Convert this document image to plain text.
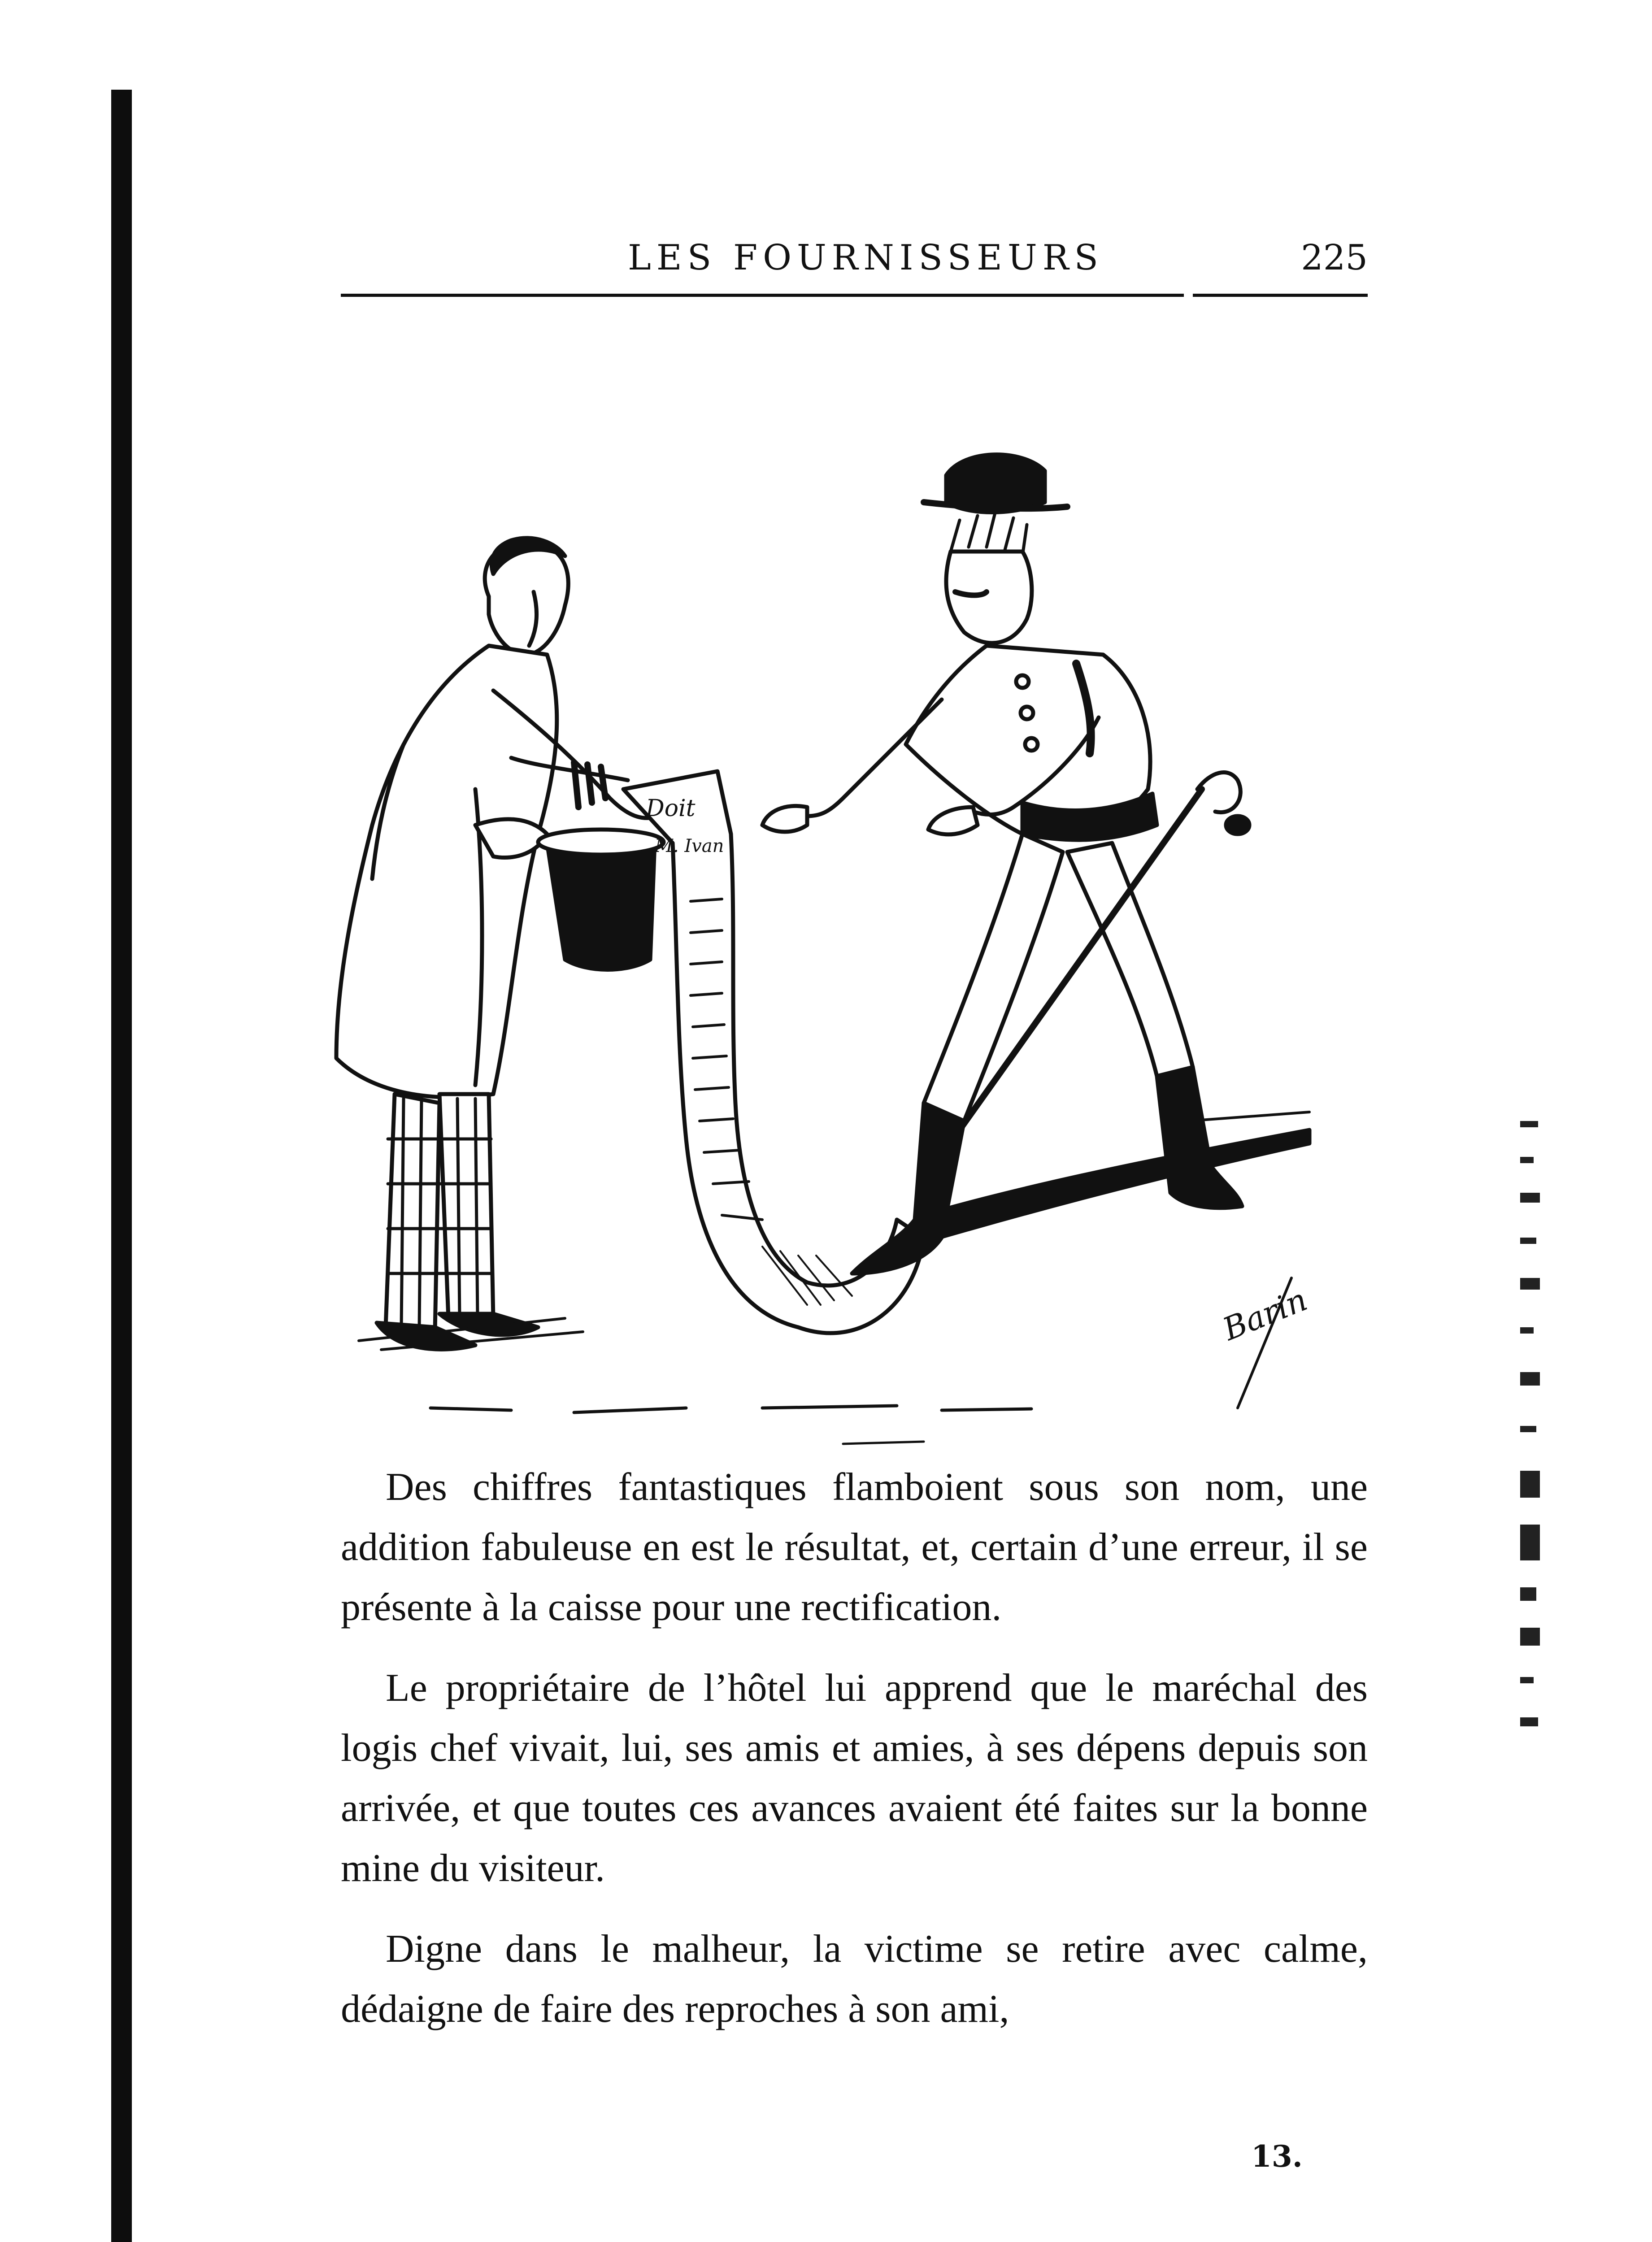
LES FOURNISSEURS	225
Doit
M. Ivan
Barin

Des chiffres fantastiques flamboient sous son nom, une addition fabuleuse en est le résultat, et, certain d’une erreur, il se présente à la caisse pour une rectification.

Le propriétaire de l’hôtel lui apprend que le maréchal des logis chef vivait, lui, ses amis et amies, à ses dépens depuis son arrivée, et que toutes ces avances avaient été faites sur la bonne mine du visiteur.

Digne dans le malheur, la victime se retire avec calme, dédaigne de faire des reproches à son ami,

13.
